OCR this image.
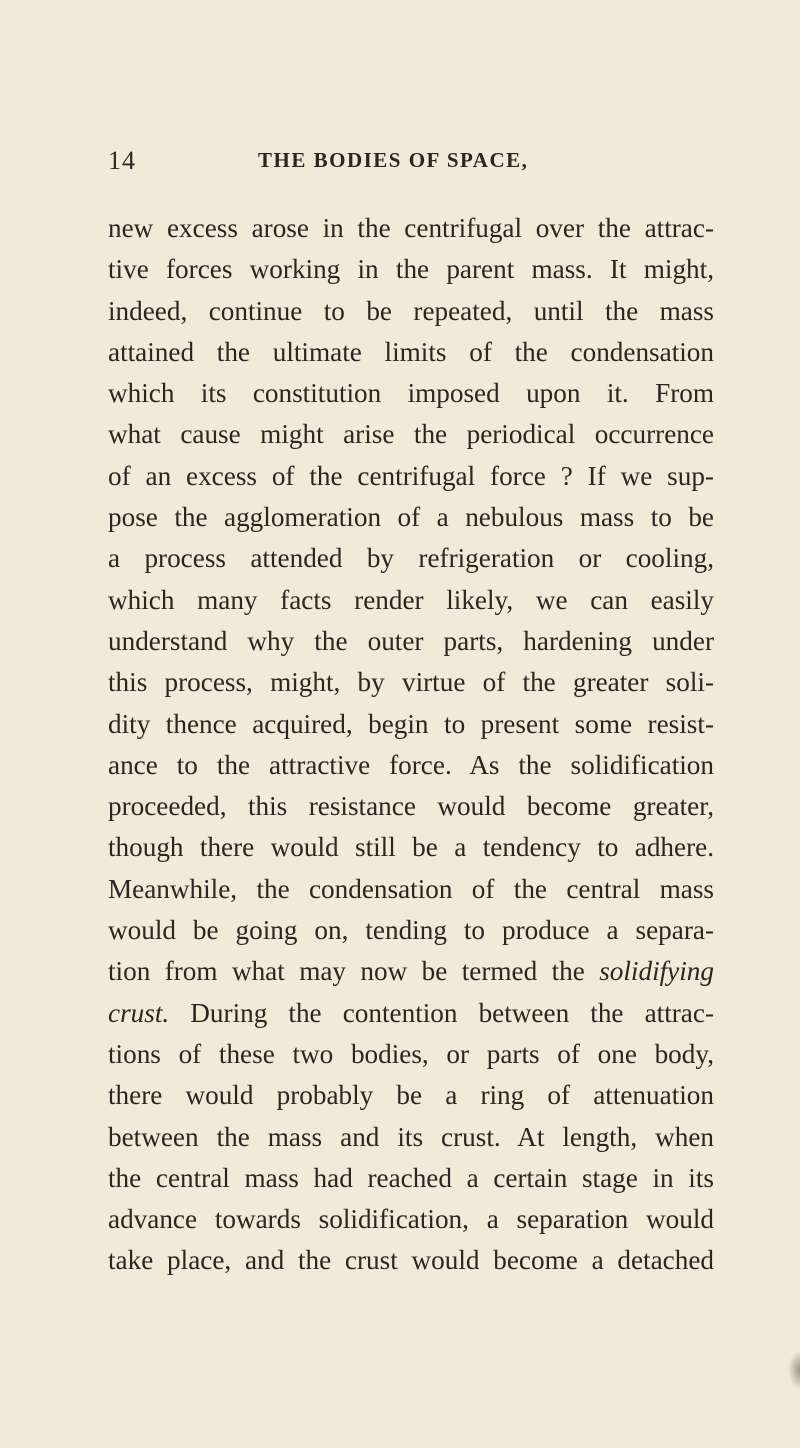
14	THE BODIES OF SPACE,
new excess arose in the centrifugal over the attrac-
tive forces working in the parent mass. It might,
indeed, continue to be repeated, until the mass
attained the ultimate limits of the condensation
which its constitution imposed upon it. From
what cause might arise the periodical occurrence
of an excess of the centrifugal force ? If we sup-
pose the agglomeration of a nebulous mass to be
a process attended by refrigeration or cooling,
which many facts render likely, we can easily
understand why the outer parts, hardening under
this process, might, by virtue of the greater soli-
dity thence acquired, begin to present some resist-
ance to the attractive force. As the solidification
proceeded, this resistance would become greater,
though there would still be a tendency to adhere.
Meanwhile, the condensation of the central mass
would be going on, tending to produce a separa-
tion from what may now be termed the solidifying
crust. During the contention between the attrac-
tions of these two bodies, or parts of one body,
there would probably be a ring of attenuation
between the mass and its crust. At length, when
the central mass had reached a certain stage in its
advance towards solidification, a separation would
take place, and the crust would become a detached
